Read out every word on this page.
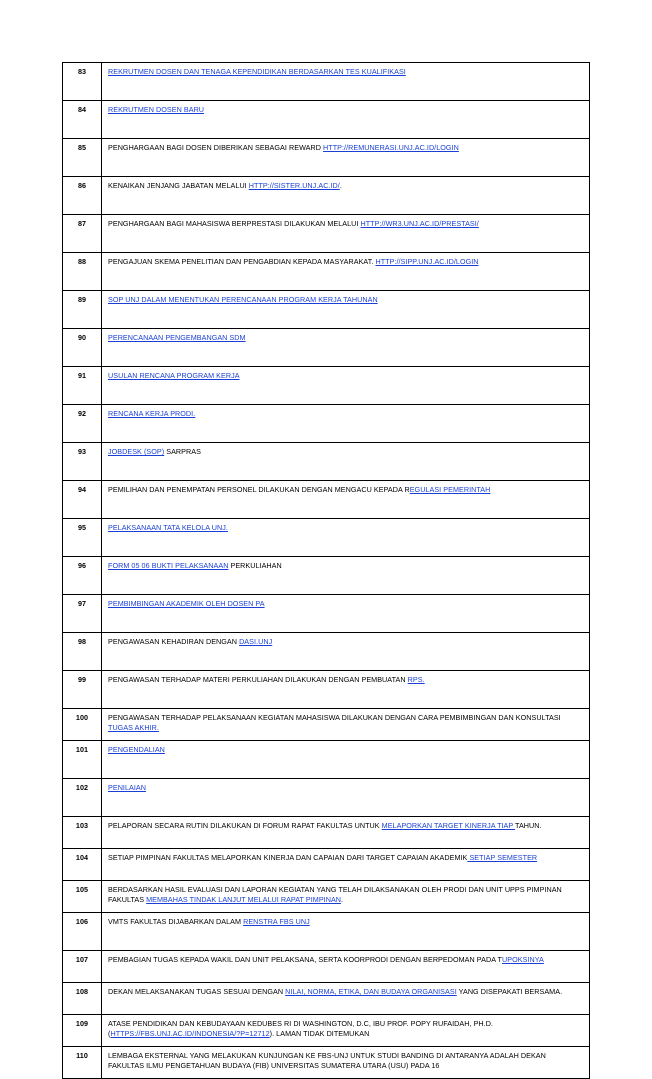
83	REKRUTMEN DOSEN DAN TENAGA KEPENDIDIKAN BERDASARKAN TES KUALIFIKASI
84	REKRUTMEN DOSEN BARU
85	PENGHARGAAN BAGI DOSEN DIBERIKAN SEBAGAI REWARD HTTP://REMUNERASI.UNJ.AC.ID/LOGIN
86	KENAIKAN JENJANG JABATAN MELALUI HTTP://SISTER.UNJ.AC.ID/.
87	PENGHARGAAN BAGI MAHASISWA BERPRESTASI DILAKUKAN MELALUI HTTP://WR3.UNJ.AC.ID/PRESTASI/
88	PENGAJUAN SKEMA PENELITIAN DAN PENGABDIAN KEPADA MASYARAKAT. HTTP://SIPP.UNJ.AC.ID/LOGIN
89	SOP UNJ DALAM MENENTUKAN PERENCANAAN PROGRAM KERJA TAHUNAN
90	PERENCANAAN PENGEMBANGAN SDM
91	USULAN RENCANA PROGRAM KERJA
92	RENCANA KERJA PRODI.
93	JOBDESK (SOP) SARPRAS
94	PEMILIHAN DAN PENEMPATAN PERSONEL DILAKUKAN DENGAN MENGACU KEPADA REGULASI PEMERINTAH
95	PELAKSANAAN TATA KELOLA UNJ.
96	FORM 05 06 BUKTI PELAKSANAAN PERKULIAHAN
97	PEMBIMBINGAN AKADEMIK OLEH DOSEN PA
98	PENGAWASAN KEHADIRAN DENGAN DASI.UNJ
99	PENGAWASAN TERHADAP MATERI PERKULIAHAN DILAKUKAN DENGAN PEMBUATAN RPS.
100	PENGAWASAN TERHADAP PELAKSANAAN KEGIATAN MAHASISWA DILAKUKAN DENGAN CARA PEMBIMBINGAN DAN KONSULTASI TUGAS AKHIR.
101	PENGENDALIAN
102	PENILAIAN
103	PELAPORAN SECARA RUTIN DILAKUKAN DI FORUM RAPAT FAKULTAS UNTUK MELAPORKAN TARGET KINERJA TIAP TAHUN.
104	SETIAP PIMPINAN FAKULTAS MELAPORKAN KINERJA DAN CAPAIAN DARI TARGET CAPAIAN AKADEMIK SETIAP SEMESTER
105	BERDASARKAN HASIL EVALUASI DAN LAPORAN KEGIATAN YANG TELAH DILAKSANAKAN OLEH PRODI DAN UNIT UPPS PIMPINAN FAKULTAS MEMBAHAS TINDAK LANJUT MELALUI RAPAT PIMPINAN.
106	VMTS FAKULTAS DIJABARKAN DALAM RENSTRA FBS UNJ
107	PEMBAGIAN TUGAS KEPADA WAKIL DAN UNIT PELAKSANA, SERTA KOORPRODI DENGAN BERPEDOMAN PADA TUPOKSINYA
108	DEKAN MELAKSANAKAN TUGAS SESUAI DENGAN NILAI, NORMA, ETIKA, DAN BUDAYA ORGANISASI YANG DISEPAKATI BERSAMA.
109	ATASE PENDIDIKAN DAN KEBUDAYAAN KEDUBES RI DI WASHINGTON, D.C, IBU PROF. POPY RUFAIDAH, PH.D. (HTTPS://FBS.UNJ.AC.ID/INDONESIA/?P=12712). LAMAN TIDAK DITEMUKAN
110	LEMBAGA EKSTERNAL YANG MELAKUKAN KUNJUNGAN KE FBS-UNJ UNTUK STUDI BANDING DI ANTARANYA ADALAH DEKAN FAKULTAS ILMU PENGETAHUAN BUDAYA (FIB) UNIVERSITAS SUMATERA UTARA (USU) PADA 16
